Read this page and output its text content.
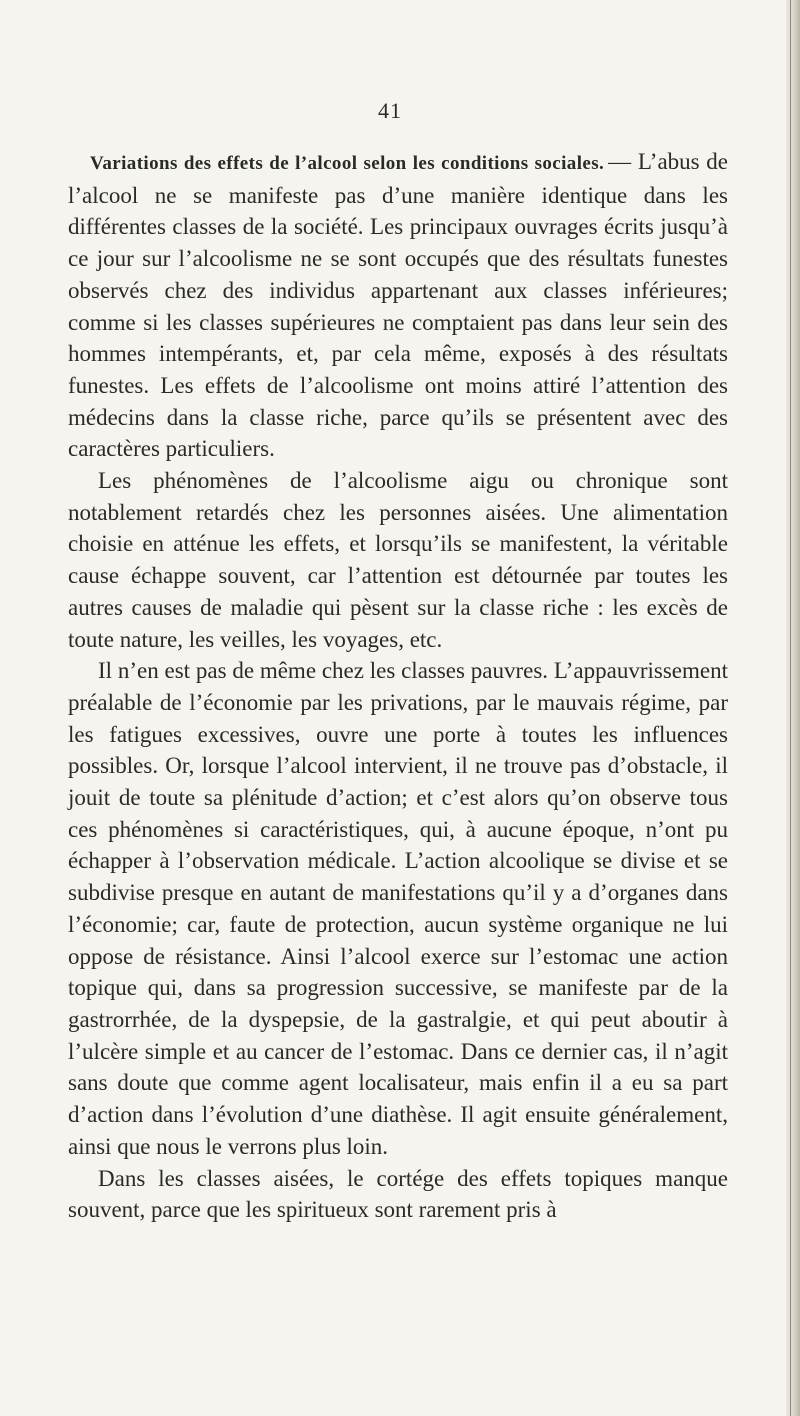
41

Variations des effets de l’alcool selon les conditions sociales. — L’abus de l’alcool ne se manifeste pas d’une manière identique dans les différentes classes de la société. Les principaux ouvrages écrits jusqu’à ce jour sur l’alcoolisme ne se sont occupés que des résultats funestes observés chez des individus appartenant aux classes inférieures; comme si les classes supérieures ne comptaient pas dans leur sein des hommes intempérants, et, par cela même, exposés à des résultats funestes. Les effets de l’alcoolisme ont moins attiré l’attention des médecins dans la classe riche, parce qu’ils se présentent avec des caractères particuliers.

Les phénomènes de l’alcoolisme aigu ou chronique sont notablement retardés chez les personnes aisées. Une alimentation choisie en atténue les effets, et lorsqu’ils se manifestent, la véritable cause échappe souvent, car l’attention est détournée par toutes les autres causes de maladie qui pèsent sur la classe riche : les excès de toute nature, les veilles, les voyages, etc.

Il n’en est pas de même chez les classes pauvres. L’appauvrissement préalable de l’économie par les privations, par le mauvais régime, par les fatigues excessives, ouvre une porte à toutes les influences possibles. Or, lorsque l’alcool intervient, il ne trouve pas d’obstacle, il jouit de toute sa plénitude d’action; et c’est alors qu’on observe tous ces phénomènes si caractéristiques, qui, à aucune époque, n’ont pu échapper à l’observation médicale. L’action alcoolique se divise et se subdivise presque en autant de manifestations qu’il y a d’organes dans l’économie; car, faute de protection, aucun système organique ne lui oppose de résistance. Ainsi l’alcool exerce sur l’estomac une action topique qui, dans sa progression successive, se manifeste par de la gastrorrhée, de la dyspepsie, de la gastralgie, et qui peut aboutir à l’ulcère simple et au cancer de l’estomac. Dans ce dernier cas, il n’agit sans doute que comme agent localisateur, mais enfin il a eu sa part d’action dans l’évolution d’une diathèse. Il agit ensuite généralement, ainsi que nous le verrons plus loin.

Dans les classes aisées, le cortége des effets topiques manque souvent, parce que les spiritueux sont rarement pris à
